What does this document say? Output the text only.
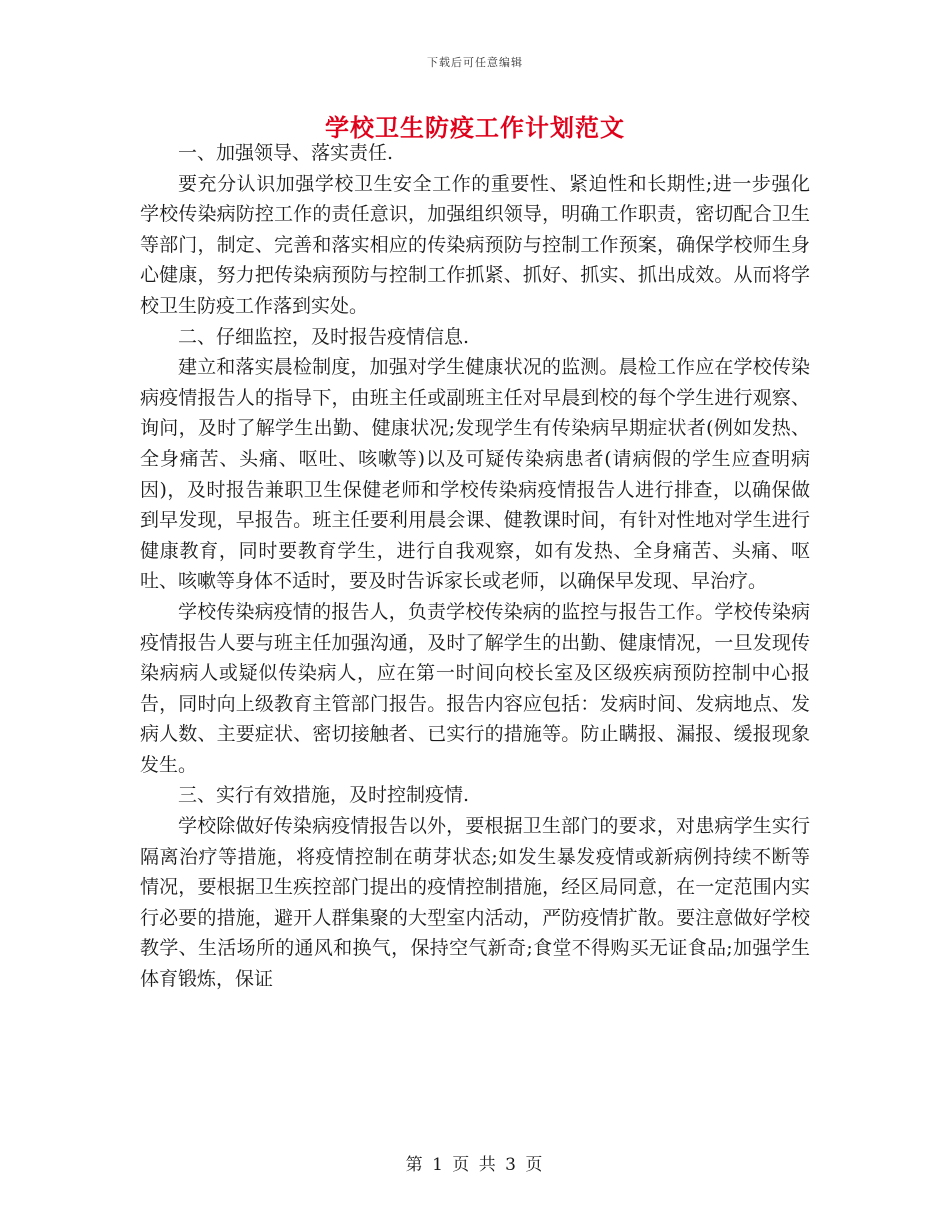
下载后可任意编辑
学校卫生防疫工作计划范文

一、加强领导、落实责任.

要充分认识加强学校卫生安全工作的重要性、紧迫性和长期性;进一步强化学校传染病防控工作的责任意识，加强组织领导，明确工作职责，密切配合卫生等部门，制定、完善和落实相应的传染病预防与控制工作预案，确保学校师生身心健康，努力把传染病预防与控制工作抓紧、抓好、抓实、抓出成效。从而将学校卫生防疫工作落到实处。

二、仔细监控，及时报告疫情信息.

建立和落实晨检制度，加强对学生健康状况的监测。晨检工作应在学校传染病疫情报告人的指导下，由班主任或副班主任对早晨到校的每个学生进行观察、询问，及时了解学生出勤、健康状况;发现学生有传染病早期症状者(例如发热、全身痛苦、头痛、呕吐、咳嗽等)以及可疑传染病患者(请病假的学生应查明病因)，及时报告兼职卫生保健老师和学校传染病疫情报告人进行排查，以确保做到早发现，早报告。班主任要利用晨会课、健教课时间，有针对性地对学生进行健康教育，同时要教育学生，进行自我观察，如有发热、全身痛苦、头痛、呕吐、咳嗽等身体不适时，要及时告诉家长或老师，以确保早发现、早治疗。

学校传染病疫情的报告人，负责学校传染病的监控与报告工作。学校传染病疫情报告人要与班主任加强沟通，及时了解学生的出勤、健康情况，一旦发现传染病病人或疑似传染病人，应在第一时间向校长室及区级疾病预防控制中心报告，同时向上级教育主管部门报告。报告内容应包括：发病时间、发病地点、发病人数、主要症状、密切接触者、已实行的措施等。防止瞒报、漏报、缓报现象发生。

三、实行有效措施，及时控制疫情.

学校除做好传染病疫情报告以外，要根据卫生部门的要求，对患病学生实行隔离治疗等措施，将疫情控制在萌芽状态;如发生暴发疫情或新病例持续不断等情况，要根据卫生疾控部门提出的疫情控制措施，经区局同意，在一定范围内实行必要的措施，避开人群集聚的大型室内活动，严防疫情扩散。要注意做好学校教学、生活场所的通风和换气，保持空气新奇;食堂不得购买无证食品;加强学生体育锻炼，保证

第 1 页 共 3 页
